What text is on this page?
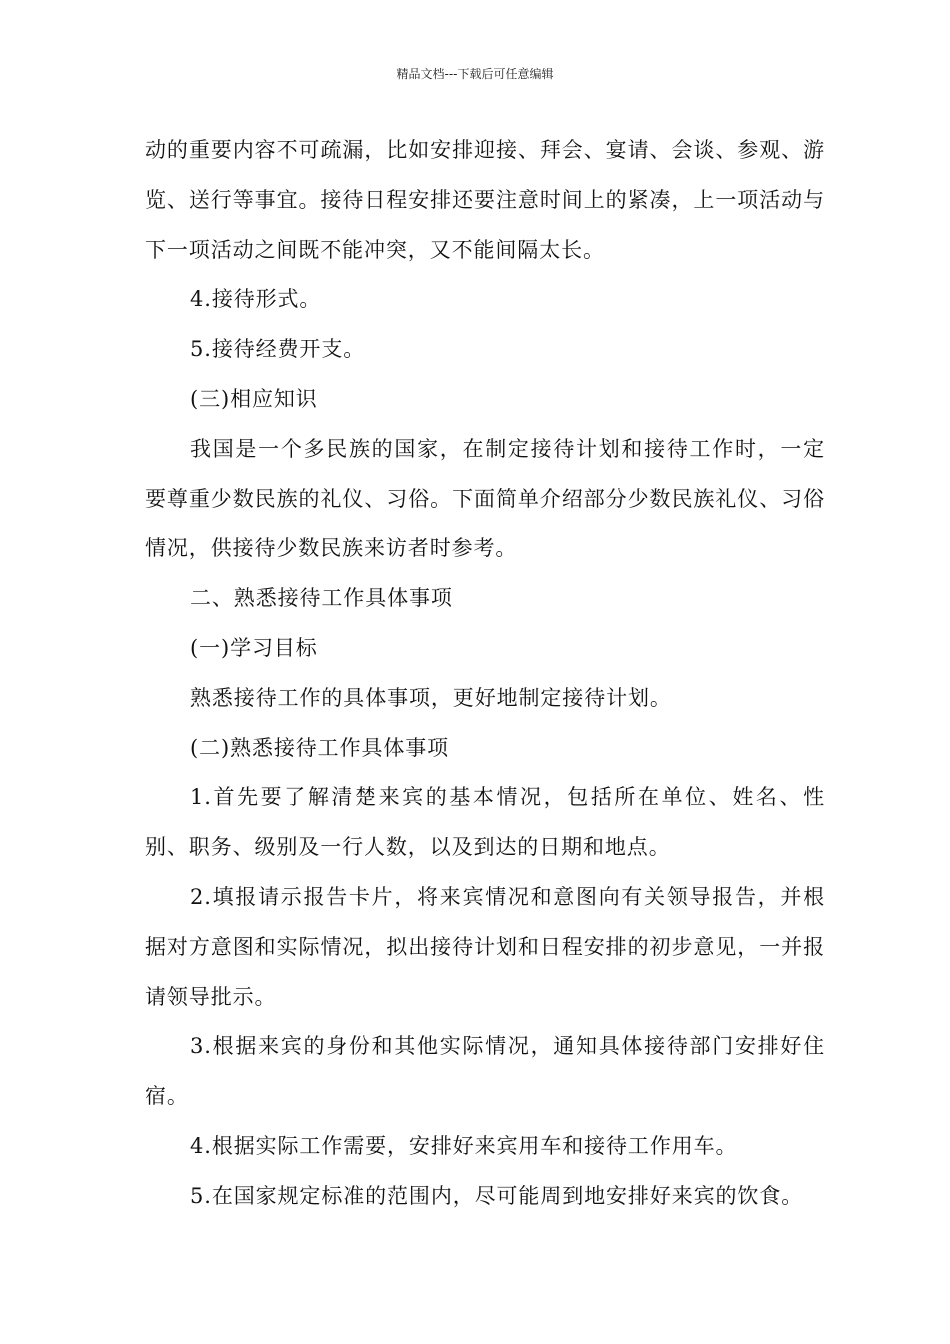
精品文档---下载后可任意编辑

动的重要内容不可疏漏，比如安排迎接、拜会、宴请、会谈、参观、游览、送行等事宜。接待日程安排还要注意时间上的紧凑，上一项活动与下一项活动之间既不能冲突，又不能间隔太长。

4.接待形式。

5.接待经费开支。

(三)相应知识

我国是一个多民族的国家，在制定接待计划和接待工作时，一定要尊重少数民族的礼仪、习俗。下面简单介绍部分少数民族礼仪、习俗情况，供接待少数民族来访者时参考。

二、熟悉接待工作具体事项

(一)学习目标

熟悉接待工作的具体事项，更好地制定接待计划。

(二)熟悉接待工作具体事项

1.首先要了解清楚来宾的基本情况，包括所在单位、姓名、性别、职务、级别及一行人数，以及到达的日期和地点。

2.填报请示报告卡片，将来宾情况和意图向有关领导报告，并根据对方意图和实际情况，拟出接待计划和日程安排的初步意见，一并报请领导批示。

3.根据来宾的身份和其他实际情况，通知具体接待部门安排好住宿。

4.根据实际工作需要，安排好来宾用车和接待工作用车。

5.在国家规定标准的范围内，尽可能周到地安排好来宾的饮食。
